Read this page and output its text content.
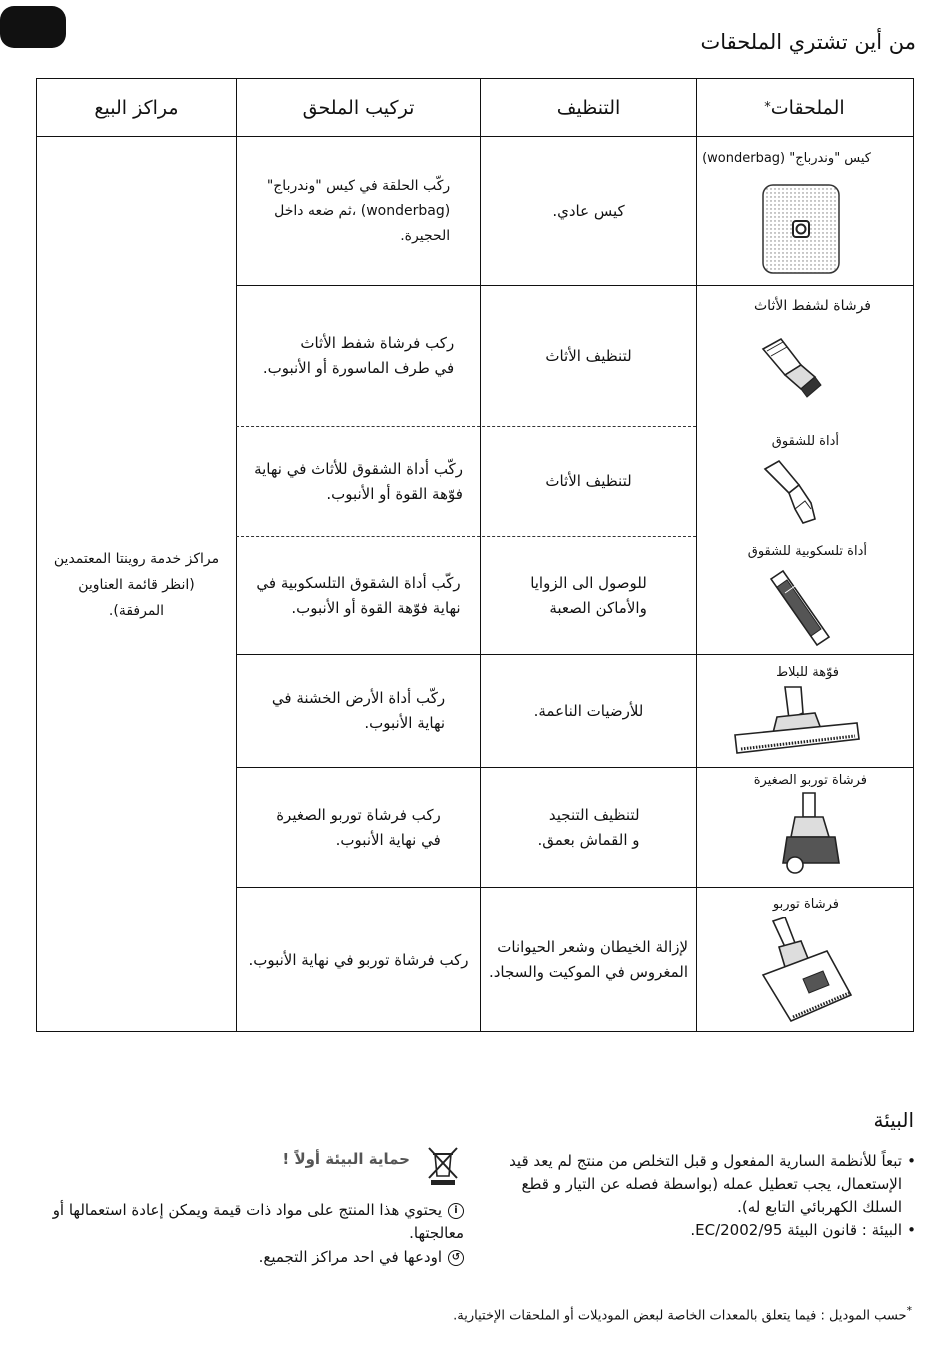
من أين تشتري الملحقات
الملحقات
*
التنظيف
تركيب الملحق
مراكز البيع
مراكز خدمة روينتا المعتمدين
(انظر قائمة العناوين
المرفقة).
كيس عادي.
ركّب الحلقة في كيس "وندرباج"
(wonderbag) ،ثم ضعه داخل
الحجيرة.
لتنظيف الأثاث
ركب فرشاة شفط الأثاث
في طرف الماسورة أو الأنبوب.
لتنظيف الأثاث
ركّب أداة الشقوق للأثاث في نهاية
فوّهة القوة أو الأنبوب.
للوصول الى الزوايا
والأماكن الصعبة
ركّب أداة الشقوق التلسكوبية في
نهاية فوّهة القوة أو الأنبوب.
للأرضيات الناعمة.
ركّب أداة الأرض الخشنة في
نهاية الأنبوب.
لتنظيف التنجيد
و القماش بعمق.
ركب فرشاة توربو الصغيرة
في نهاية الأنبوب.
لإزالة الخيطان وشعر الحيوانات
المغروس في الموكيت والسجاد.
ركب فرشاة توربو في نهاية الأنبوب.
كيس "وندرباج" (wonderbag)
فرشاة لشفط الأثاث
أداة للشقوق
أداة تلسكوبية للشقوق
فوّهة للبلاط
فرشاة توربو الصغيرة
فرشاة توربو
البيئة
• تبعاً للأنظمة السارية المفعول و قبل التخلص من منتج لم يعد قيد الإستعمال، يجب تعطيل عمله (بواسطة فصله عن التيار و قطع السلك الكهربائي التابع له).
• البيئة : قانون البيئة 2002/95/EC.
حماية البيئة أولاً !
iيحتوي هذا المنتج على مواد ذات قيمة ويمكن إعادة استعمالها أو معالجتها.
↺اودعها في احد مراكز التجميع.
*حسب الموديل : فيما يتعلق بالمعدات الخاصة لبعض الموديلات أو الملحقات الإختيارية.
